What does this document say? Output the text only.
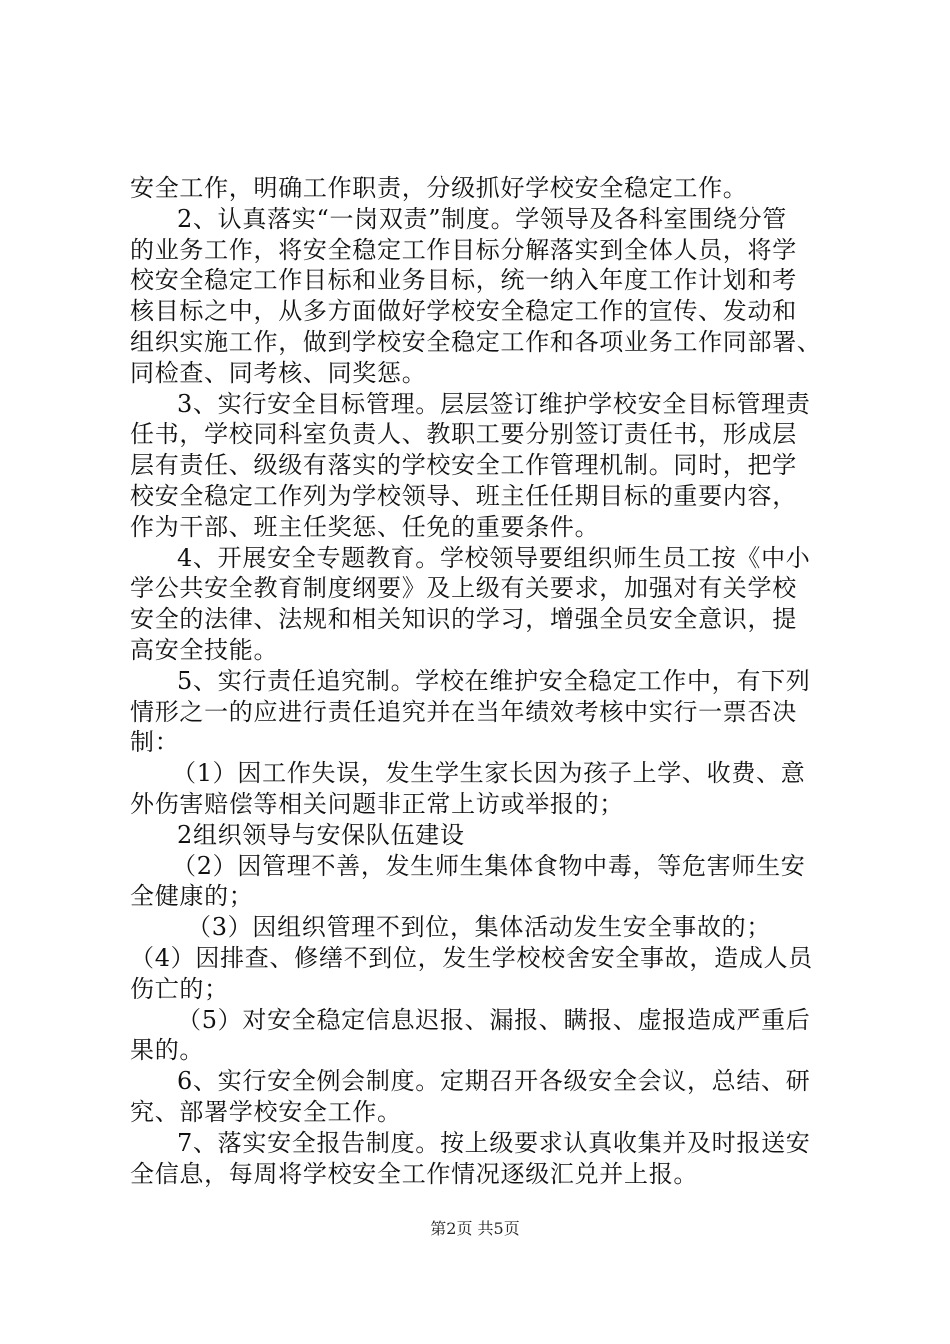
安全工作，明确工作职责，分级抓好学校安全稳定工作。
2、认真落实“一岗双责”制度。学领导及各科室围绕分管
的业务工作，将安全稳定工作目标分解落实到全体人员，将学
校安全稳定工作目标和业务目标，统一纳入年度工作计划和考
核目标之中，从多方面做好学校安全稳定工作的宣传、发动和
组织实施工作，做到学校安全稳定工作和各项业务工作同部署、
同检查、同考核、同奖惩。
3、实行安全目标管理。层层签订维护学校安全目标管理责
任书，学校同科室负责人、教职工要分别签订责任书，形成层
层有责任、级级有落实的学校安全工作管理机制。同时，把学
校安全稳定工作列为学校领导、班主任任期目标的重要内容，
作为干部、班主任奖惩、任免的重要条件。
4、开展安全专题教育。学校领导要组织师生员工按《中小
学公共安全教育制度纲要》及上级有关要求，加强对有关学校
安全的法律、法规和相关知识的学习，增强全员安全意识，提
高安全技能。
5、实行责任追究制。学校在维护安全稳定工作中，有下列
情形之一的应进行责任追究并在当年绩效考核中实行一票否决
制：
（1）因工作失误，发生学生家长因为孩子上学、收费、意
外伤害赔偿等相关问题非正常上访或举报的；
2组织领导与安保队伍建设
（2）因管理不善，发生师生集体食物中毒，等危害师生安
全健康的；
（3）因组织管理不到位，集体活动发生安全事故的；
（4）因排查、修缮不到位，发生学校校舍安全事故，造成人员
伤亡的；
（5）对安全稳定信息迟报、漏报、瞒报、虚报造成严重后
果的。
6、实行安全例会制度。定期召开各级安全会议，总结、研
究、部署学校安全工作。
7、落实安全报告制度。按上级要求认真收集并及时报送安
全信息，每周将学校安全工作情况逐级汇兑并上报。
第2页 共5页
